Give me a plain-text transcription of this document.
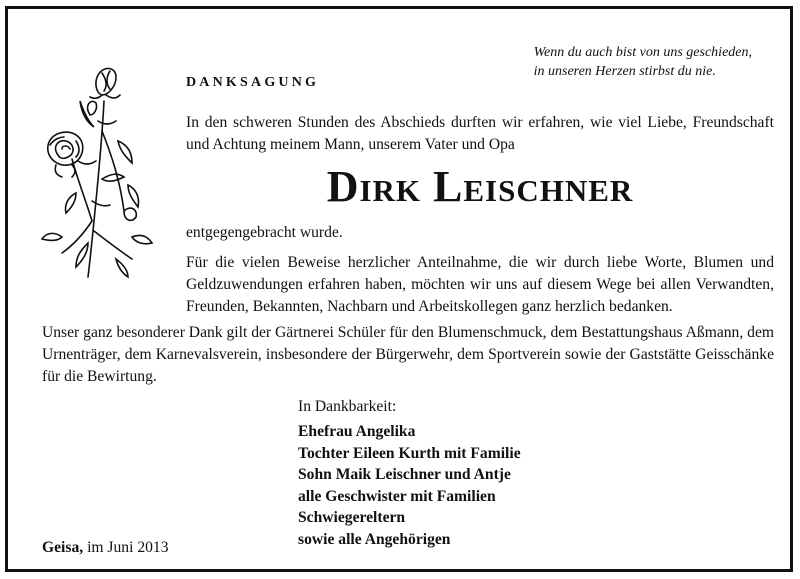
Wenn du auch bist von uns geschieden,
in unseren Herzen stirbst du nie.
DANKSAGUNG
In den schweren Stunden des Abschieds durften wir erfahren, wie viel Liebe, Freundschaft und Achtung meinem Mann, unserem Vater und Opa
Dirk Leischner
entgegengebracht wurde.
Für die vielen Beweise herzlicher Anteilnahme, die wir durch liebe Worte, Blumen und Geldzuwendungen erfahren haben, möchten wir uns auf diesem Wege bei allen Verwandten, Freunden, Bekannten, Nachbarn und Arbeitskollegen ganz herzlich bedanken.
Unser ganz besonderer Dank gilt der Gärtnerei Schüler für den Blumenschmuck, dem Bestattungshaus Aßmann, dem Urnenträger, dem Karnevalsverein, insbesondere der Bürgerwehr, dem Sportverein sowie der Gaststätte Geisschänke für die Bewirtung.
In Dankbarkeit:
Ehefrau Angelika
Tochter Eileen Kurth mit Familie
Sohn Maik Leischner und Antje
alle Geschwister mit Familien
Schwiegereltern
sowie alle Angehörigen
Geisa, im Juni 2013
